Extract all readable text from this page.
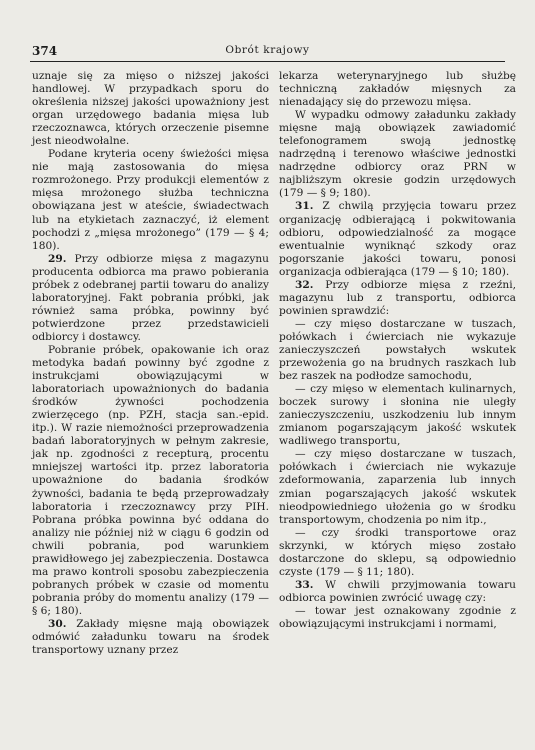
374	Obrót krajowy

uznaje się za mięso o niższej jakości handlowej. W przypadkach sporu do określenia niższej jakości upoważniony jest organ urzędowego badania mięsa lub rzeczoznawca, których orzeczenie pisemne jest nieodwołalne.

Podane kryteria oceny świeżości mięsa nie mają zastosowania do mięsa rozmrożonego. Przy produkcji elementów z mięsa mrożonego służba techniczna obowiązana jest w ateście, świadectwach lub na etykietach zaznaczyć, iż element pochodzi z „mięsa mrożonego” (179 — § 4; 180).

29. Przy odbiorze mięsa z magazynu producenta odbiorca ma prawo pobierania próbek z odebranej partii towaru do analizy laboratoryjnej. Fakt pobrania próbki, jak również sama próbka, powinny być potwierdzone przez przedstawicieli odbiorcy i dostawcy.

Pobranie próbek, opakowanie ich oraz metodyka badań powinny być zgodne z instrukcjami obowiązującymi w laboratoriach upoważnionych do badania środków żywności pochodzenia zwierzęcego (np. PZH, stacja san.-epid. itp.). W razie niemożności przeprowadzenia badań laboratoryjnych w pełnym zakresie, jak np. zgodności z recepturą, procentu mniejszej wartości itp. przez laboratoria upoważnione do badania środków żywności, badania te będą przeprowadzały laboratoria i rzeczoznawcy przy PIH. Pobrana próbka powinna być oddana do analizy nie później niż w ciągu 6 godzin od chwili pobrania, pod warunkiem prawidłowego jej zabezpieczenia. Dostawca ma prawo kontroli sposobu zabezpieczenia pobranych próbek w czasie od momentu pobrania próby do momentu analizy (179 — § 6; 180).

30. Zakłady mięsne mają obowiązek odmówić załadunku towaru na środek transportowy uznany przez

lekarza weterynaryjnego lub służbę techniczną zakładów mięsnych za nienadający się do przewozu mięsa.

W wypadku odmowy załadunku zakłady mięsne mają obowiązek zawiadomić telefonogramem swoją jednostkę nadrzędną i terenowo właściwe jednostki nadrzędne odbiorcy oraz PRN w najbliższym okresie godzin urzędowych (179 — § 9; 180).

31. Z chwilą przyjęcia towaru przez organizację odbierającą i pokwitowania odbioru, odpowiedzialność za mogące ewentualnie wyniknąć szkody oraz pogorszanie jakości towaru, ponosi organizacja odbierająca (179 — § 10; 180).

32. Przy odbiorze mięsa z rzeźni, magazynu lub z transportu, odbiorca powinien sprawdzić:

— czy mięso dostarczane w tuszach, połówkach i ćwierciach nie wykazuje zanieczyszczeń powstałych wskutek przewożenia go na brudnych raszkach lub bez raszek na podłodze samochodu,

— czy mięso w elementach kulinarnych, boczek surowy i słonina nie uległy zanieczyszczeniu, uszkodzeniu lub innym zmianom pogarszającym jakość wskutek wadliwego transportu,

— czy mięso dostarczane w tuszach, połówkach i ćwierciach nie wykazuje zdeformowania, zaparzenia lub innych zmian pogarszających jakość wskutek nieodpowiedniego ułożenia go w środku transportowym, chodzenia po nim itp.,

— czy środki transportowe oraz skrzynki, w których mięso zostało dostarczone do sklepu, są odpowiednio czyste (179 — § 11; 180).

33. W chwili przyjmowania towaru odbiorca powinien zwrócić uwagę czy:

— towar jest oznakowany zgodnie z obowiązującymi instrukcjami i normami,
